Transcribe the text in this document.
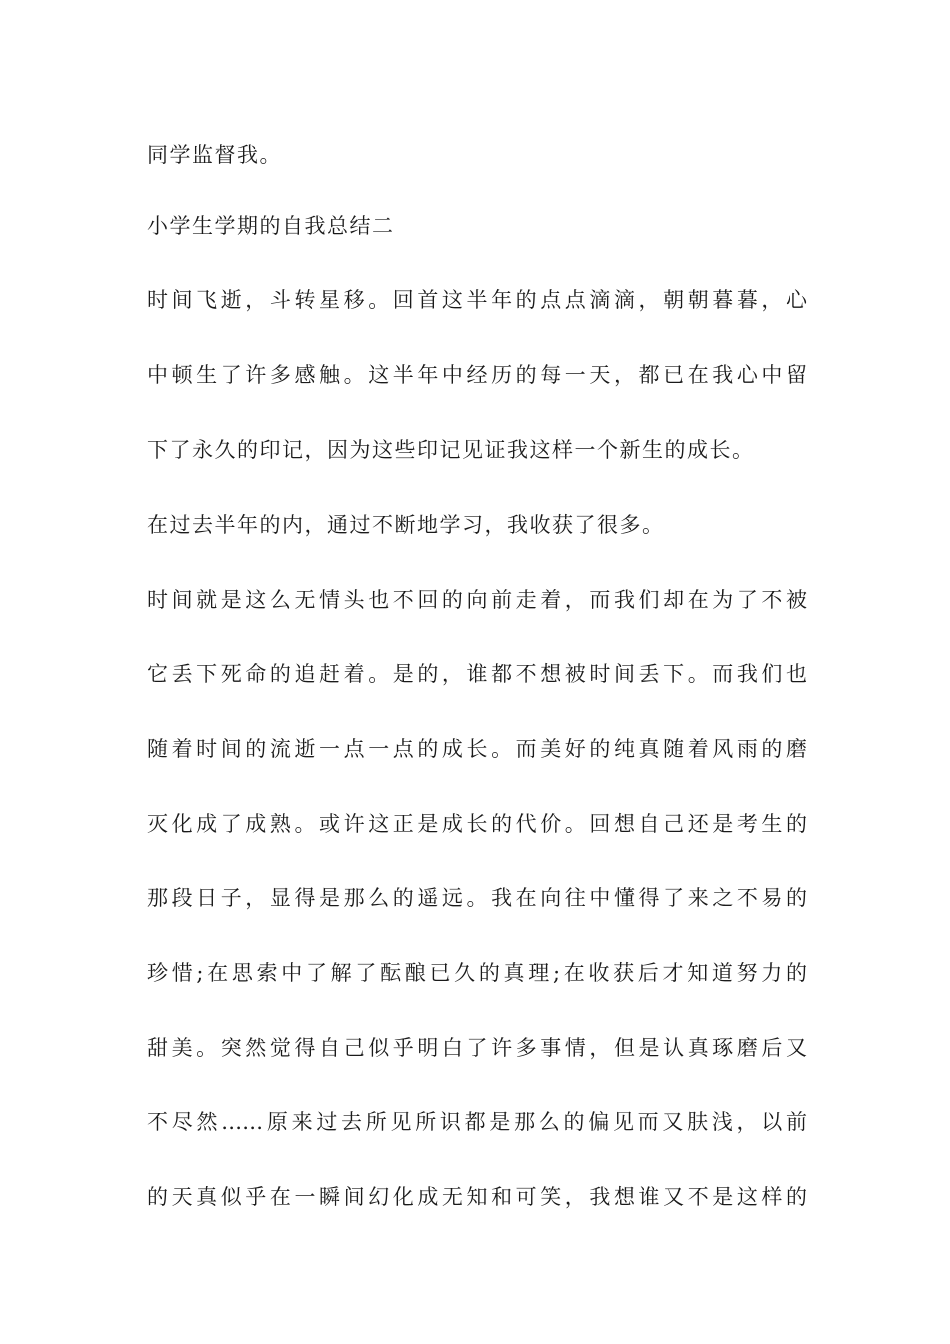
同学监督我。
小学生学期的自我总结二
时间飞逝，斗转星移。回首这半年的点点滴滴，朝朝暮暮，心
中顿生了许多感触。这半年中经历的每一天，都已在我心中留
下了永久的印记，因为这些印记见证我这样一个新生的成长。
在过去半年的内，通过不断地学习，我收获了很多。
时间就是这么无情头也不回的向前走着，而我们却在为了不被
它丢下死命的追赶着。是的，谁都不想被时间丢下。而我们也
随着时间的流逝一点一点的成长。而美好的纯真随着风雨的磨
灭化成了成熟。或许这正是成长的代价。回想自己还是考生的
那段日子，显得是那么的遥远。我在向往中懂得了来之不易的
珍惜;在思索中了解了酝酿已久的真理;在收获后才知道努力的
甜美。突然觉得自己似乎明白了许多事情，但是认真琢磨后又
不尽然……原来过去所见所识都是那么的偏见而又肤浅，以前
的天真似乎在一瞬间幻化成无知和可笑，我想谁又不是这样的
